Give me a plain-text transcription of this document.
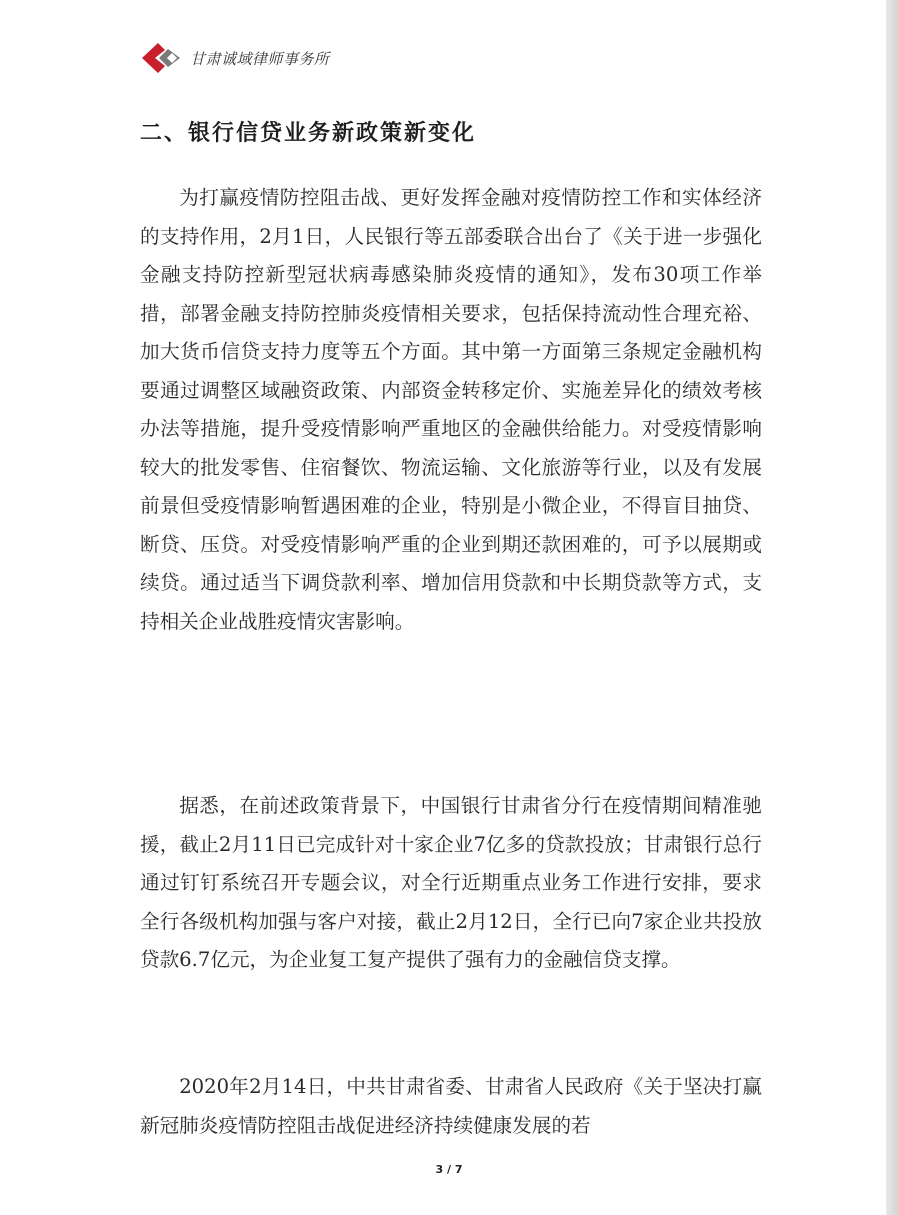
甘肃诚域律师事务所
二、银行信贷业务新政策新变化

为打赢疫情防控阻击战、更好发挥金融对疫情防控工作和实体经济的支持作用，2月1日，人民银行等五部委联合出台了《关于进一步强化金融支持防控新型冠状病毒感染肺炎疫情的通知》，发布30项工作举措，部署金融支持防控肺炎疫情相关要求，包括保持流动性合理充裕、加大货币信贷支持力度等五个方面。其中第一方面第三条规定金融机构要通过调整区域融资政策、内部资金转移定价、实施差异化的绩效考核办法等措施，提升受疫情影响严重地区的金融供给能力。对受疫情影响较大的批发零售、住宿餐饮、物流运输、文化旅游等行业，以及有发展前景但受疫情影响暂遇困难的企业，特别是小微企业，不得盲目抽贷、断贷、压贷。对受疫情影响严重的企业到期还款困难的，可予以展期或续贷。通过适当下调贷款利率、增加信用贷款和中长期贷款等方式，支持相关企业战胜疫情灾害影响。

据悉，在前述政策背景下，中国银行甘肃省分行在疫情期间精准驰援，截止2月11日已完成针对十家企业7亿多的贷款投放；甘肃银行总行通过钉钉系统召开专题会议，对全行近期重点业务工作进行安排，要求全行各级机构加强与客户对接，截止2月12日，全行已向7家企业共投放贷款6.7亿元，为企业复工复产提供了强有力的金融信贷支撑。

2020年2月14日，中共甘肃省委、甘肃省人民政府《关于坚决打赢新冠肺炎疫情防控阻击战促进经济持续健康发展的若

3 / 7
